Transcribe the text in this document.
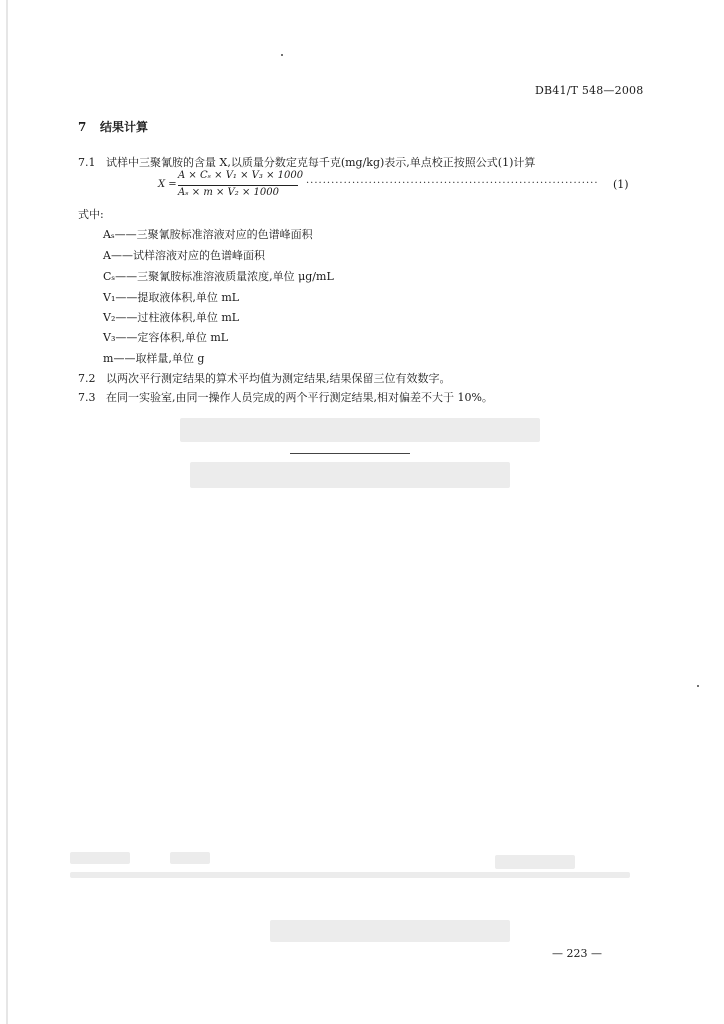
DB41/T 548—2008
7 结果计算
7.1 试样中三聚氰胺的含量 X,以质量分数定克每千克(mg/kg)表示,单点校正按照公式(1)计算
X =
A × Cₛ × V₁ × V₃ × 1000
Aₛ × m × V₂ × 1000
······································································	(1)
式中:
Aₛ——三聚氰胺标准溶液对应的色谱峰面积
A——试样溶液对应的色谱峰面积
Cₛ——三聚氰胺标准溶液质量浓度,单位 μg/mL
V₁——提取液体积,单位 mL
V₂——过柱液体积,单位 mL
V₃——定容体积,单位 mL
m——取样量,单位 g
7.2 以两次平行测定结果的算术平均值为测定结果,结果保留三位有效数字。
7.3 在同一实验室,由同一操作人员完成的两个平行测定结果,相对偏差不大于 10%。
— 223 —
